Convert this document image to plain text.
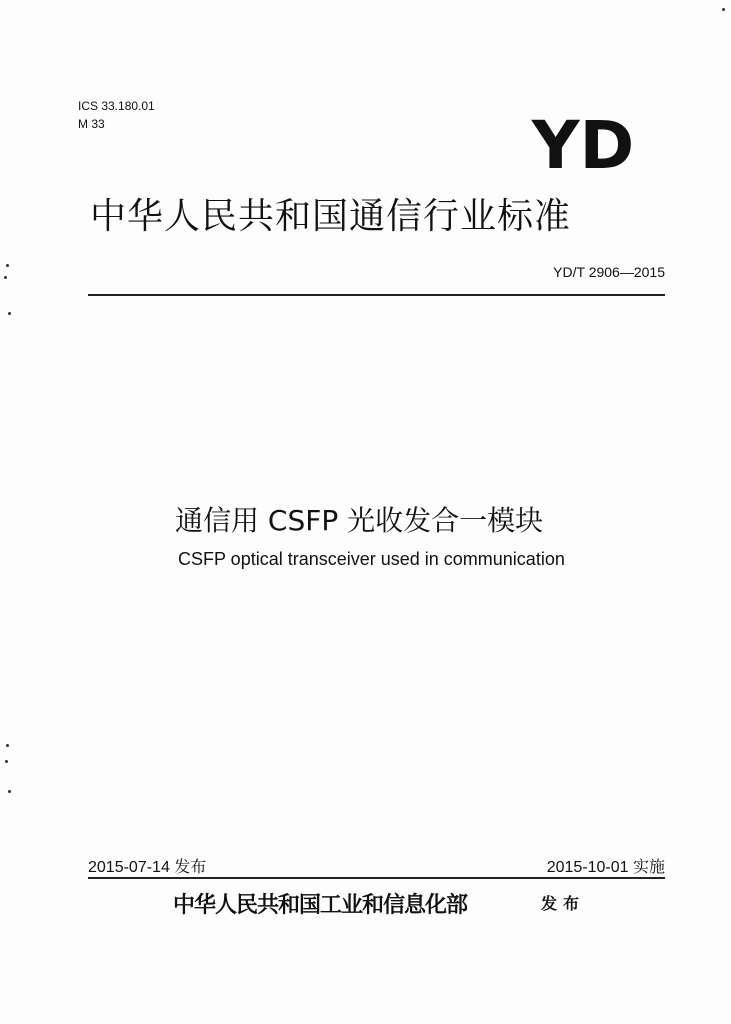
ICS 33.180.01
M 33	YD
中华人民共和国通信行业标准
YD/T 2906—2015
通信用 CSFP 光收发合一模块
CSFP optical transceiver used in communication
2015-07-14 发布	2015-10-01 实施
中华人民共和国工业和信息化部	发布
